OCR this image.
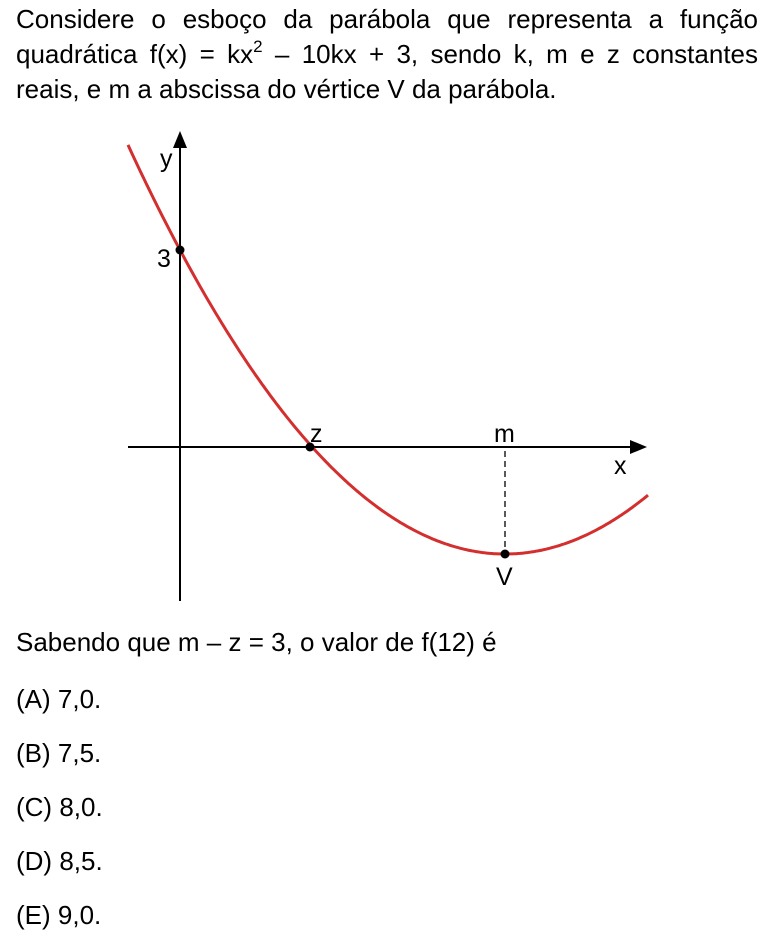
Considere o esboço da parábola que representa a função quadrática $f(x) = kx^2 - 10kx + 3$, sendo k, m e z constantes reais, e m a abscissa do vértice V da parábola.
y
x
3
z	m
V
Sabendo que m – z = 3, o valor de f(12) é
(A) 7,0.
(B) 7,5.
(C) 8,0.
(D) 8,5.
(E) 9,0.
